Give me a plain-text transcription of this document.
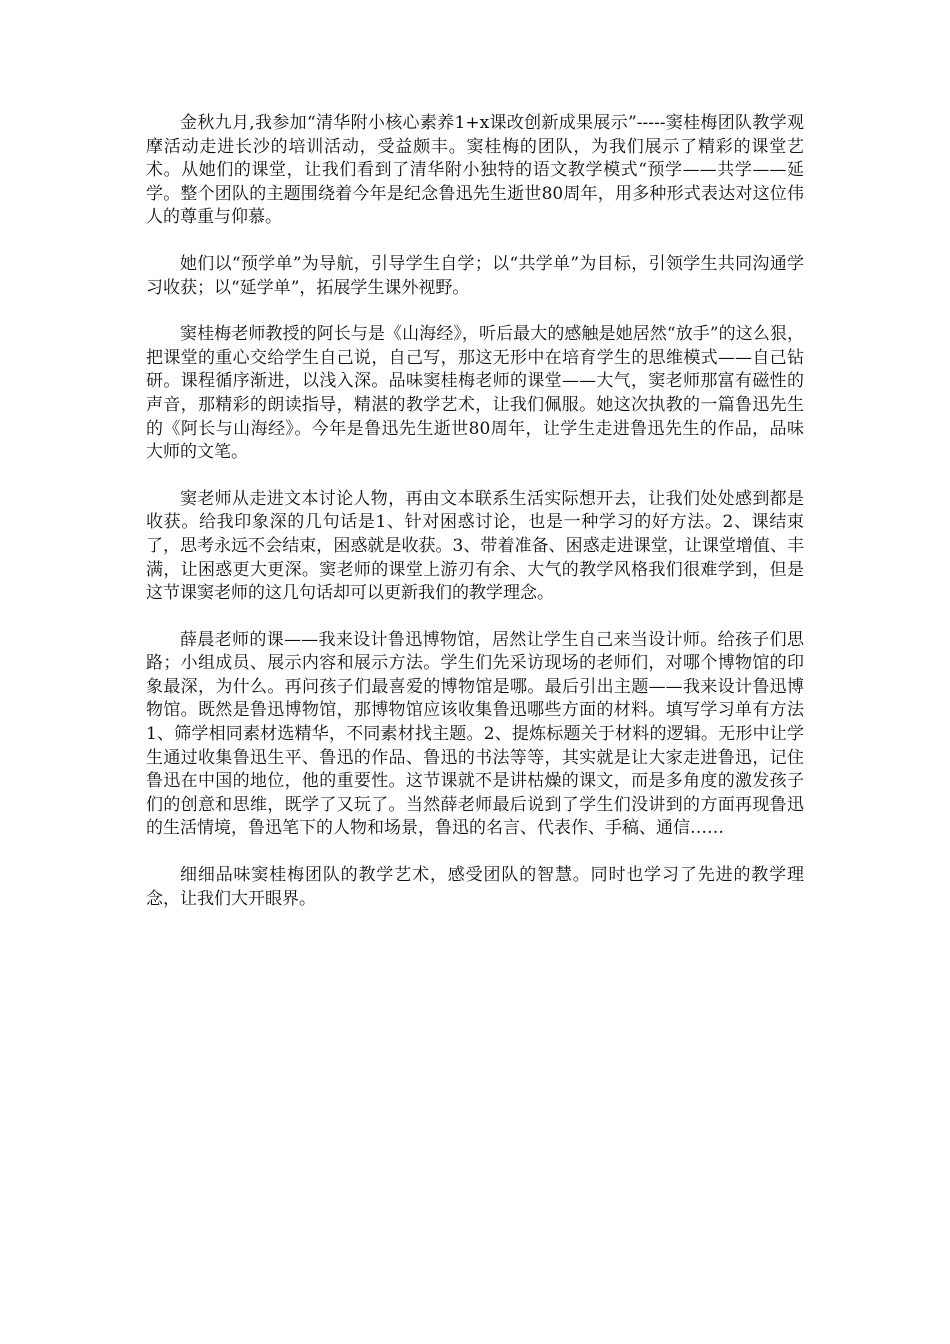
金秋九月,我参加“清华附小核心素养1+x课改创新成果展示”-----窦桂梅团队教学观摩活动走进长沙的培训活动，受益颇丰。窦桂梅的团队，为我们展示了精彩的课堂艺术。从她们的课堂，让我们看到了清华附小独特的语文教学模式“预学——共学——延学。整个团队的主题围绕着今年是纪念鲁迅先生逝世80周年，用多种形式表达对这位伟人的尊重与仰慕。

她们以“预学单”为导航，引导学生自学；以“共学单”为目标，引领学生共同沟通学习收获；以“延学单”，拓展学生课外视野。

窦桂梅老师教授的阿长与是《山海经》，听后最大的感触是她居然“放手”的这么狠，把课堂的重心交给学生自己说，自己写，那这无形中在培育学生的思维模式——自己钻研。课程循序渐进，以浅入深。品味窦桂梅老师的课堂——大气，窦老师那富有磁性的声音，那精彩的朗读指导，精湛的教学艺术，让我们佩服。她这次执教的一篇鲁迅先生的《阿长与山海经》。今年是鲁迅先生逝世80周年，让学生走进鲁迅先生的作品，品味大师的文笔。

窦老师从走进文本讨论人物，再由文本联系生活实际想开去，让我们处处感到都是收获。给我印象深的几句话是1、针对困惑讨论，也是一种学习的好方法。2、课结束了，思考永远不会结束，困惑就是收获。3、带着准备、困惑走进课堂，让课堂增值、丰满，让困惑更大更深。窦老师的课堂上游刃有余、大气的教学风格我们很难学到，但是这节课窦老师的这几句话却可以更新我们的教学理念。

薛晨老师的课——我来设计鲁迅博物馆，居然让学生自己来当设计师。给孩子们思路；小组成员、展示内容和展示方法。学生们先采访现场的老师们，对哪个博物馆的印象最深，为什么。再问孩子们最喜爱的博物馆是哪。最后引出主题——我来设计鲁迅博物馆。既然是鲁迅博物馆，那博物馆应该收集鲁迅哪些方面的材料。填写学习单有方法1、筛学相同素材选精华，不同素材找主题。2、提炼标题关于材料的逻辑。无形中让学生通过收集鲁迅生平、鲁迅的作品、鲁迅的书法等等，其实就是让大家走进鲁迅，记住鲁迅在中国的地位，他的重要性。这节课就不是讲枯燥的课文，而是多角度的激发孩子们的创意和思维，既学了又玩了。当然薛老师最后说到了学生们没讲到的方面再现鲁迅的生活情境，鲁迅笔下的人物和场景，鲁迅的名言、代表作、手稿、通信……

细细品味窦桂梅团队的教学艺术，感受团队的智慧。同时也学习了先进的教学理念，让我们大开眼界。
